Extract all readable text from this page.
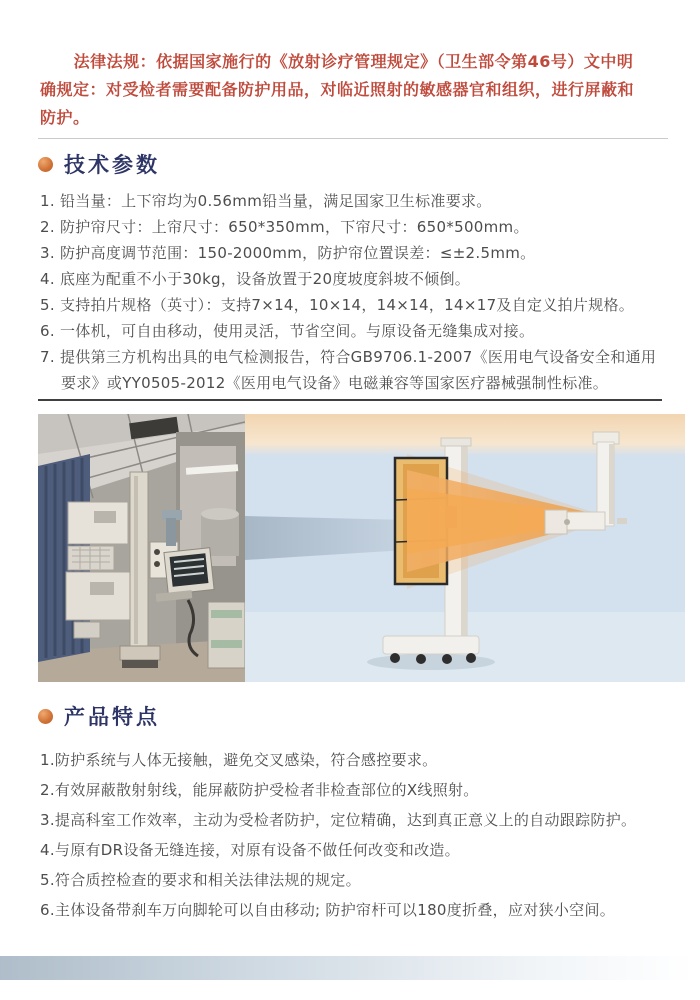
法律法规：依据国家施行的《放射诊疗管理规定》（卫生部令第46号）文中明确规定：对受检者需要配备防护用品，对临近照射的敏感器官和组织，进行屏蔽和防护。

技术参数
1. 铅当量：上下帘均为0.56mm铅当量，满足国家卫生标准要求。
2. 防护帘尺寸：上帘尺寸：650*350mm，下帘尺寸：650*500mm。
3. 防护高度调节范围：150-2000mm，防护帘位置误差：≤±2.5mm。
4. 底座为配重不小于30kg，设备放置于20度坡度斜坡不倾倒。
5. 支持拍片规格（英寸）：支持7×14，10×14，14×14，14×17及自定义拍片规格。
6. 一体机，可自由移动，使用灵活，节省空间。与原设备无缝集成对接。
7. 提供第三方机构出具的电气检测报告，符合GB9706.1-2007《医用电气设备安全和通用要求》或YY0505-2012《医用电气设备》电磁兼容等国家医疗器械强制性标准。
产品特点
1.防护系统与人体无接触，避免交叉感染，符合感控要求。
2.有效屏蔽散射射线，能屏蔽防护受检者非检查部位的X线照射。
3.提高科室工作效率，主动为受检者防护，定位精确，达到真正意义上的自动跟踪防护。
4.与原有DR设备无缝连接，对原有设备不做任何改变和改造。
5.符合质控检查的要求和相关法律法规的规定。
6.主体设备带刹车万向脚轮可以自由移动; 防护帘杆可以180度折叠，应对狭小空间。
